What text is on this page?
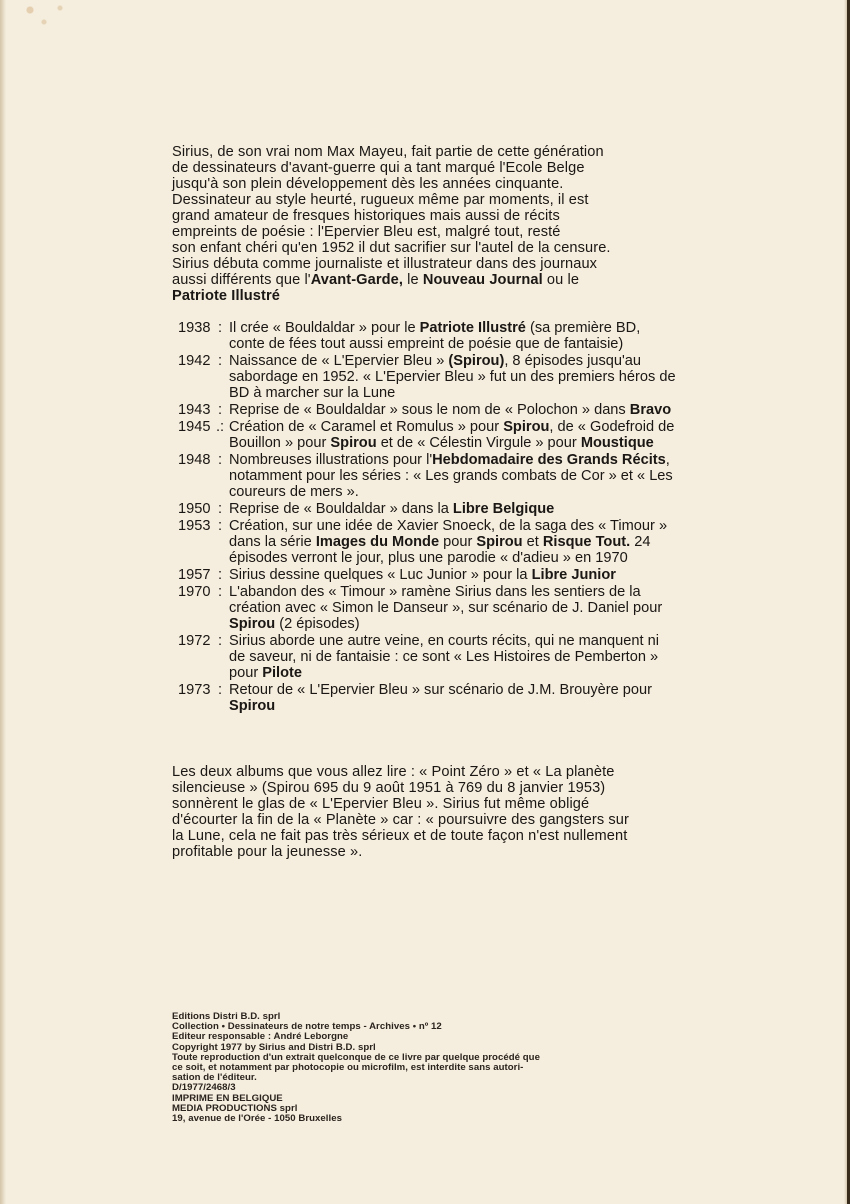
Sirius, de son vrai nom Max Mayeu, fait partie de cette génération
de dessinateurs d'avant-guerre qui a tant marqué l'Ecole Belge
jusqu'à son plein développement dès les années cinquante.
Dessinateur au style heurté, rugueux même par moments, il est
grand amateur de fresques historiques mais aussi de récits
empreints de poésie : l'Epervier Bleu est, malgré tout, resté
son enfant chéri qu'en 1952 il dut sacrifier sur l'autel de la censure.
Sirius débuta comme journaliste et illustrateur dans des journaux
aussi différents que l'Avant-Garde, le Nouveau Journal ou le
Patriote Illustré
1938 : Il crée « Bouldaldar » pour le Patriote Illustré (sa première BD, conte de fées tout aussi empreint de poésie que de fantaisie)
1942 : Naissance de « L'Epervier Bleu » (Spirou), 8 épisodes jusqu'au sabordage en 1952. « L'Epervier Bleu » fut un des premiers héros de BD à marcher sur la Lune
1943 : Reprise de « Bouldaldar » sous le nom de « Polochon » dans Bravo
1945 .: Création de « Caramel et Romulus » pour Spirou, de « Godefroid de Bouillon » pour Spirou et de « Célestin Virgule » pour Moustique
1948 : Nombreuses illustrations pour l'Hebdomadaire des Grands Récits, notamment pour les séries : « Les grands combats de Cor » et « Les coureurs de mers ».
1950 : Reprise de « Bouldaldar » dans la Libre Belgique
1953 : Création, sur une idée de Xavier Snoeck, de la saga des « Timour » dans la série Images du Monde pour Spirou et Risque Tout. 24 épisodes verront le jour, plus une parodie « d'adieu » en 1970
1957 : Sirius dessine quelques « Luc Junior » pour la Libre Junior
1970 : L'abandon des « Timour » ramène Sirius dans les sentiers de la création avec « Simon le Danseur », sur scénario de J. Daniel pour Spirou (2 épisodes)
1972 : Sirius aborde une autre veine, en courts récits, qui ne manquent ni de saveur, ni de fantaisie : ce sont « Les Histoires de Pemberton » pour Pilote
1973 : Retour de « L'Epervier Bleu » sur scénario de J.M. Brouyère pour Spirou
Les deux albums que vous allez lire : « Point Zéro » et « La planète
silencieuse » (Spirou 695 du 9 août 1951 à 769 du 8 janvier 1953)
sonnèrent le glas de « L'Epervier Bleu ». Sirius fut même obligé
d'écourter la fin de la « Planète » car : « poursuivre des gangsters sur
la Lune, cela ne fait pas très sérieux et de toute façon n'est nullement
profitable pour la jeunesse ».
Editions Distri B.D. sprl
Collection • Dessinateurs de notre temps - Archives • nº 12
Editeur responsable : André Leborgne
Copyright 1977 by Sirius and Distri B.D. sprl
Toute reproduction d'un extrait quelconque de ce livre par quelque procédé que
ce soit, et notamment par photocopie ou microfilm, est interdite sans autori-
sation de l'éditeur.
D/1977/2468/3
IMPRIME EN BELGIQUE
MEDIA PRODUCTIONS sprl
19, avenue de l'Orée - 1050 Bruxelles
